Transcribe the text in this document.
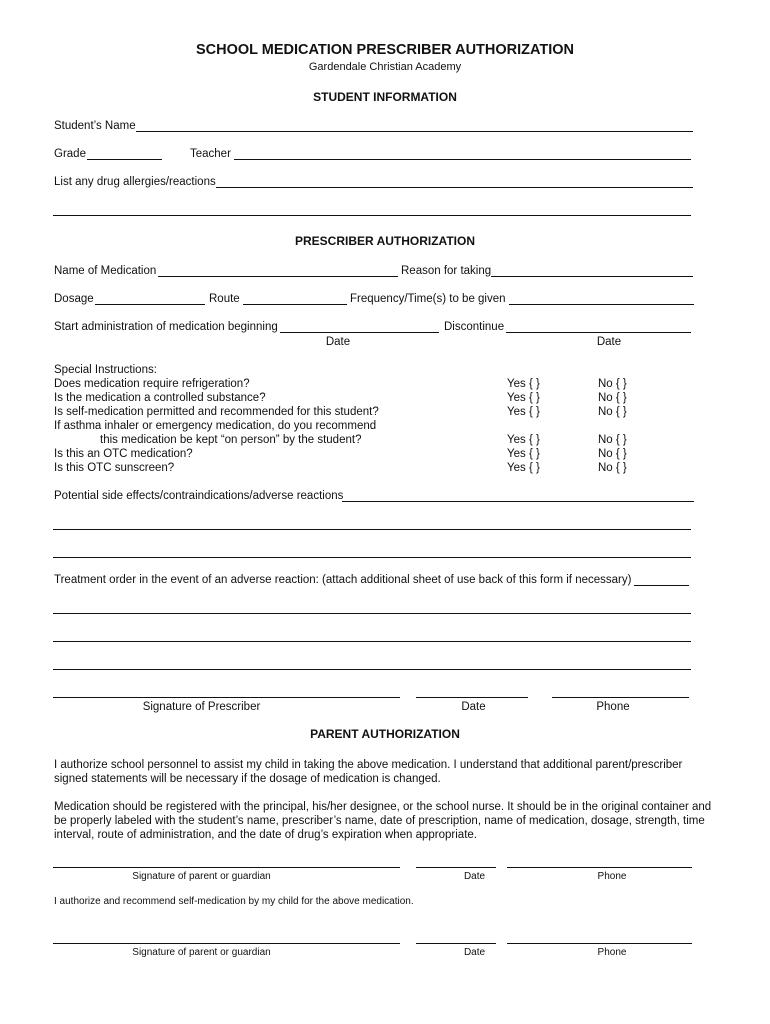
SCHOOL MEDICATION PRESCRIBER AUTHORIZATION
Gardendale Christian Academy
STUDENT INFORMATION
Student’s Name
Grade	Teacher
List any drug allergies/reactions
PRESCRIBER AUTHORIZATION
Name of Medication	Reason for taking
Dosage	Route	Frequency/Time(s) to be given
Start administration of medication beginning	Discontinue
Date	Date
Special Instructions:
Does medication require refrigeration?	Yes { }	No { }
Is the medication a controlled substance?	Yes { }	No { }
Is self-medication permitted and recommended for this student?	Yes { }	No { }
If asthma inhaler or emergency medication, do you recommend
this medication be kept “on person” by the student?	Yes { }	No { }
Is this an OTC medication?	Yes { }	No { }
Is this OTC sunscreen?	Yes { }	No { }
Potential side effects/contraindications/adverse reactions
Treatment order in the event of an adverse reaction: (attach additional sheet of use back of this form if necessary)
Signature of Prescriber	Date	Phone
PARENT AUTHORIZATION
I authorize school personnel to assist my child in taking the above medication. I understand that additional parent/prescriber
signed statements will be necessary if the dosage of medication is changed.
Medication should be registered with the principal, his/her designee, or the school nurse. It should be in the original container and
be properly labeled with the student’s name, prescriber’s name, date of prescription, name of medication, dosage, strength, time
interval, route of administration, and the date of drug’s expiration when appropriate.
Signature of parent or guardian	Date	Phone
I authorize and recommend self-medication by my child for the above medication.
Signature of parent or guardian	Date	Phone
